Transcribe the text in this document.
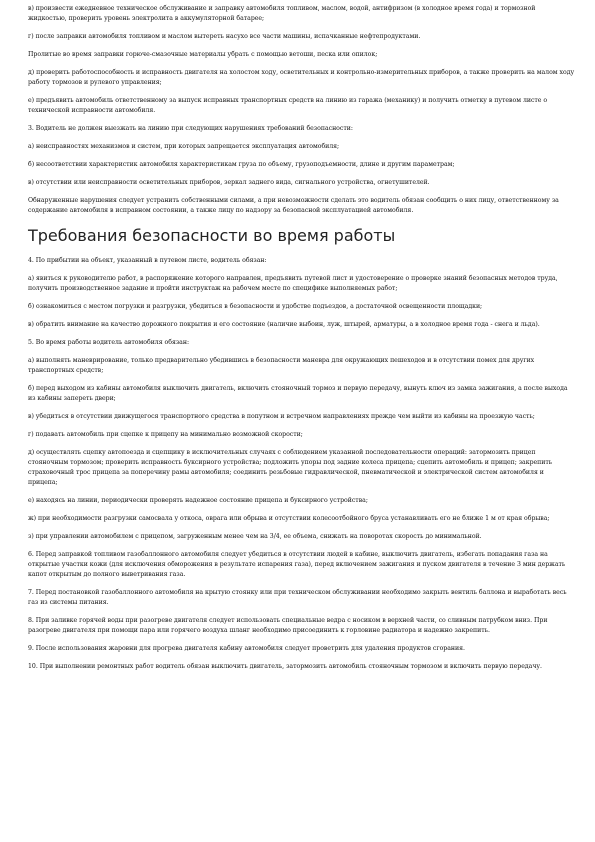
в) произвести ежедневное техническое обслуживание и заправку автомобиля топливом, маслом, водой, антифризом (в холодное время года) и тормозной жидкостью, проверить уровень электролита в аккумуляторной батарее;

г) после заправки автомобиля топливом и маслом вытереть насухо все части машины, испачканные нефтепродуктами.

Пролитые во время заправки горюче-смазочные материалы убрать с помощью ветоши, песка или опилок;

д) проверить работоспособность и исправность двигателя на холостом ходу, осветительных и контрольно-измерительных приборов, а также проверить на малом ходу работу тормозов и рулевого управления;

е) предъявить автомобиль ответственному за выпуск исправных транспортных средств на линию из гаража (механику) и получить отметку в путевом листе о технической исправности автомобиля.

3. Водитель не должен выезжать на линию при следующих нарушениях требований безопасности:

а) неисправностях механизмов и систем, при которых запрещается эксплуатация автомобиля;

б) несоответствии характеристик автомобиля характеристикам груза по объему, грузоподъемности, длине и другим параметрам;

в) отсутствии или неисправности осветительных приборов, зеркал заднего вида, сигнального устройства, огнетушителей.

Обнаруженные нарушения следует устранить собственными силами, а при невозможности сделать это водитель обязан сообщить о них лицу, ответственному за содержание автомобиля в исправном состоянии, а также лицу по надзору за безопасной эксплуатацией автомобиля.

Требования безопасности во время работы

4. По прибытии на объект, указанный в путевом листе, водитель обязан:

а) явиться к руководителю работ, в распоряжение которого направлен, предъявить путевой лист и удостоверение о проверке знаний безопасных методов труда, получить производственное задание и пройти инструктаж на рабочем месте по специфике выполняемых работ;

б) ознакомиться с местом погрузки и разгрузки, убедиться в безопасности и удобстве подъездов, а достаточной освещенности площадки;

в) обратить внимание на качество дорожного покрытия и его состояние (наличие выбоин, луж, штырей, арматуры, а в холодное время года - снега и льда).

5. Во время работы водитель автомобиля обязан:

а) выполнять маневрирование, только предварительно убедившись в безопасности маневра для окружающих пешеходов и в отсутствии помех для других транспортных средств;

б) перед выходом из кабины автомобиля выключить двигатель, включить стояночный тормоз и первую передачу, вынуть ключ из замка зажигания, а после выхода из кабины запереть двери;

в) убедиться в отсутствии движущегося транспортного средства в попутном и встречном направлениях прежде чем выйти из кабины на проезжую часть;

г) подавать автомобиль при сцепке к прицепу на минимально возможной скорости;

д) осуществлять сцепку автопоезда и сцепщику в исключительных случаях с соблюдением указанной последовательности операций: затормозить прицеп стояночным тормозом; проверить исправность буксирного устройства; подложить упоры под задние колеса прицепа; сцепить автомобиль и прицеп; закрепить страховочный трос прицепа за поперечину рамы автомобиля; соединить резьбовые гидравлической, пневматической и электрической систем автомобиля и прицепа;

е) находясь на линии, периодически проверять надежное состояние прицепа и буксирного устройства;

ж) при необходимости разгрузки самосвала у откоса, оврага или обрыва и отсутствии колесоотбойного бруса устанавливать его не ближе 1 м от края обрыва;

з) при управлении автомобилем с прицепом, загруженным менее чем на 3/4, ее объема, снижать на поворотах скорость до минимальной.

6. Перед заправкой топливом газобаллонного автомобиля следует убедиться в отсутствии людей в кабине, выключить двигатель, избегать попадания газа на открытые участки кожи (для исключения обморожения в результате испарения газа), перед включением зажигания и пуском двигателя в течение 3 мин держать капот открытым до полного выветривания газа.

7. Перед постановкой газобаллонного автомобиля на крытую стоянку или при техническом обслуживании необходимо закрыть вентиль баллона и выработать весь газ из системы питания.

8. При заливке горячей воды при разогреве двигателя следует использовать специальные ведра с носиком в верхней части, со сливным патрубком вниз. При разогреве двигателя при помощи пара или горячего воздуха шланг необходимо присоединить к горловине радиатора и надежно закрепить.

9. После использования жаровни для прогрева двигателя кабину автомобиля следует проветрить для удаления продуктов сгорания.

10. При выполнении ремонтных работ водитель обязан выключить двигатель, затормозить автомобиль стояночным тормозом и включить первую передачу.
